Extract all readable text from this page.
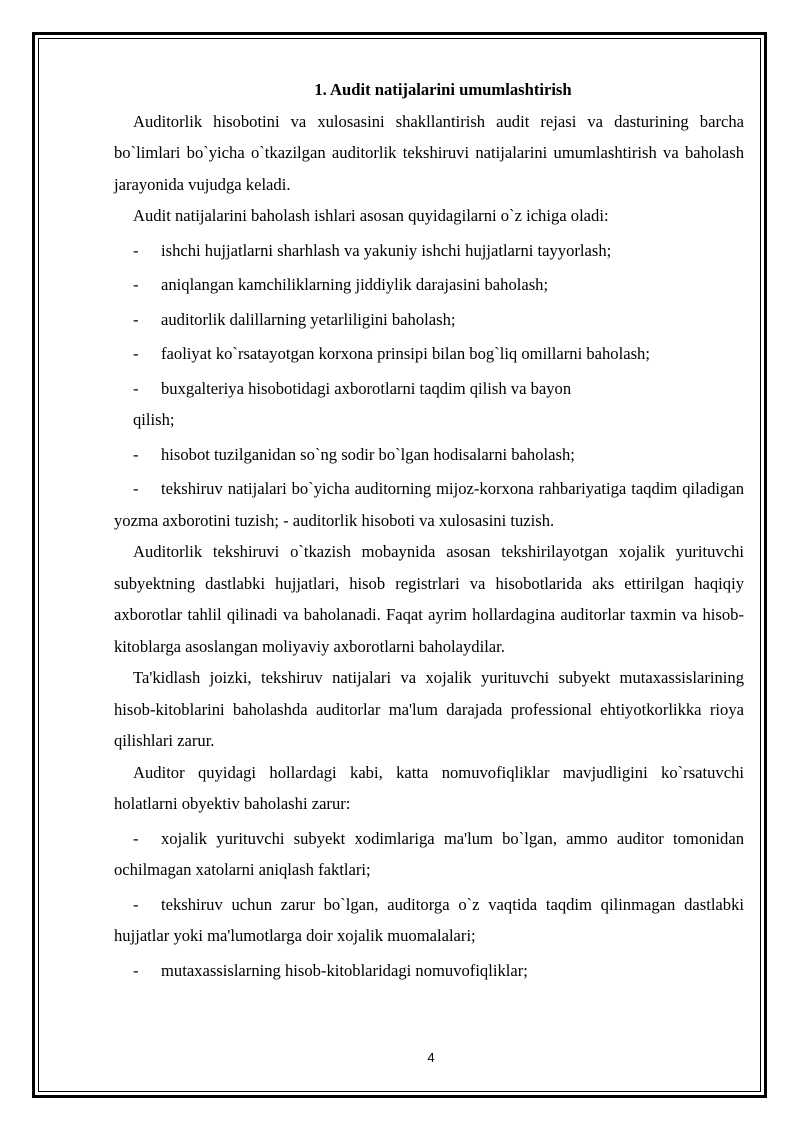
1. Audit natijalarini umumlashtirish

Auditorlik hisobotini va xulosasini shakllantirish audit rejasi va dasturining barcha bo`limlari bo`yicha o`tkazilgan auditorlik tekshiruvi natijalarini umumlashtirish va baholash jarayonida vujudga keladi.

Audit natijalarini baholash ishlari asosan quyidagilarni o`z ichiga oladi:

- ishchi hujjatlarni sharhlash va yakuniy ishchi hujjatlarni tayyorlash;

- aniqlangan kamchiliklarning jiddiylik darajasini baholash;

- auditorlik dalillarning yetarliligini baholash;

- faoliyat ko`rsatayotgan korxona prinsipi bilan bog`liq omillarni baholash;

- buxgalteriya hisobotidagi axborotlarni taqdim qilish va bayon

qilish;

- hisobot tuzilganidan so`ng sodir bo`lgan hodisalarni baholash;

- tekshiruv natijalari bo`yicha auditorning mijoz-korxona rahbariyatiga taqdim qiladigan yozma axborotini tuzish; - auditorlik hisoboti va xulosasini tuzish.

Auditorlik tekshiruvi o`tkazish mobaynida asosan tekshirilayotgan xojalik yurituvchi subyektning dastlabki hujjatlari, hisob registrlari va hisobotlarida aks ettirilgan haqiqiy axborotlar tahlil qilinadi va baholanadi. Faqat ayrim hollardagina auditorlar taxmin va hisob-kitoblarga asoslangan moliyaviy axborotlarni baholaydilar.

Ta'kidlash joizki, tekshiruv natijalari va xojalik yurituvchi subyekt mutaxassislarining hisob-kitoblarini baholashda auditorlar ma'lum darajada professional ehtiyotkorlikka rioya qilishlari zarur.

Auditor quyidagi hollardagi kabi, katta nomuvofiqliklar mavjudligini ko`rsatuvchi holatlarni obyektiv baholashi zarur:

- xojalik yurituvchi subyekt xodimlariga ma'lum bo`lgan, ammo auditor tomonidan ochilmagan xatolarni aniqlash faktlari;

- tekshiruv uchun zarur bo`lgan, auditorga o`z vaqtida taqdim qilinmagan dastlabki hujjatlar yoki ma'lumotlarga doir xojalik muomalalari;

- mutaxassislarning hisob-kitoblaridagi nomuvofiqliklar;

4
